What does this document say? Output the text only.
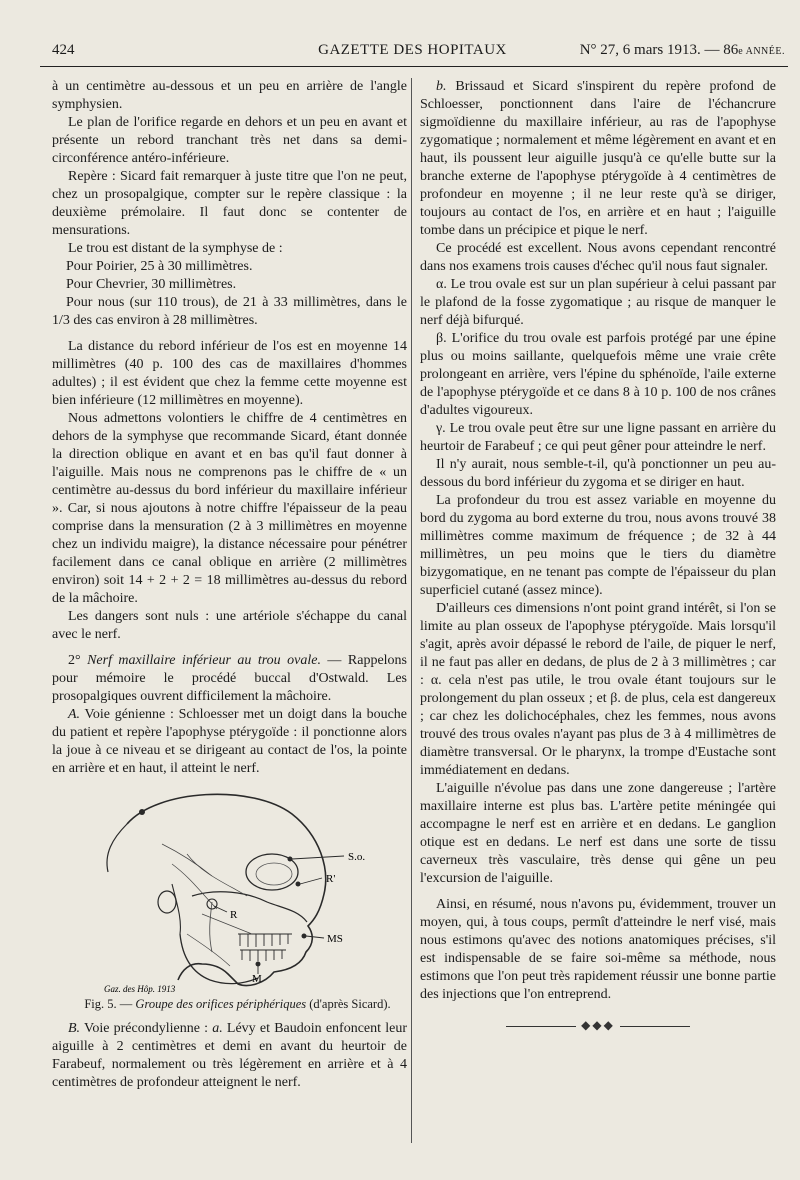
424	GAZETTE DES HOPITAUX	N° 27, 6 mars 1913. — 86e ANNÉE.

à un centimètre au-dessous et un peu en arrière de l'angle symphysien.

Le plan de l'orifice regarde en dehors et un peu en avant et présente un rebord tranchant très net dans sa demi-circonférence antéro-inférieure.

Repère : Sicard fait remarquer à juste titre que l'on ne peut, chez un prosopalgique, compter sur le repère classique : la deuxième prémolaire. Il faut donc se contenter de mensurations.

Le trou est distant de la symphyse de :

Pour Poirier, 25 à 30 millimètres.

Pour Chevrier, 30 millimètres.

Pour nous (sur 110 trous), de 21 à 33 millimètres, dans le 1/3 des cas environ à 28 millimètres.

La distance du rebord inférieur de l'os est en moyenne 14 millimètres (40 p. 100 des cas de maxillaires d'hommes adultes) ; il est évident que chez la femme cette moyenne est bien inférieure (12 millimètres en moyenne).

Nous admettons volontiers le chiffre de 4 centimètres en dehors de la symphyse que recommande Sicard, étant donnée la direction oblique en avant et en bas qu'il faut donner à l'aiguille. Mais nous ne comprenons pas le chiffre de « un centimètre au-dessus du bord inférieur du maxillaire inférieur ». Car, si nous ajoutons à notre chiffre l'épaisseur de la peau comprise dans la mensuration (2 à 3 millimètres en moyenne chez un individu maigre), la distance nécessaire pour pénétrer facilement dans ce canal oblique en arrière (2 millimètres environ) soit 14 + 2 + 2 = 18 millimètres au-dessus du rebord de la mâchoire.

Les dangers sont nuls : une artériole s'échappe du canal avec le nerf.

2° Nerf maxillaire inférieur au trou ovale. — Rappelons pour mémoire le procédé buccal d'Ostwald. Les prosopalgiques ouvrent difficilement la mâchoire.

A. Voie génienne : Schloesser met un doigt dans la bouche du patient et repère l'apophyse ptérygoïde : il ponctionne alors la joue à ce niveau et se dirigeant au contact de l'os, la pointe en arrière et en haut, il atteint le nerf.

S.o.
R'
R
MS
M
Gaz. des Hôp. 1913

Fig. 5. — Groupe des orifices périphériques (d'après Sicard).

B. Voie précondylienne : a. Lévy et Baudoin enfoncent leur aiguille à 2 centimètres et demi en avant du heurtoir de Farabeuf, normalement ou très légèrement en arrière et à 4 centimètres de profondeur atteignent le nerf.

b. Brissaud et Sicard s'inspirent du repère profond de Schloesser, ponctionnent dans l'aire de l'échancrure sigmoïdienne du maxillaire inférieur, au ras de l'apophyse zygomatique ; normalement et même légèrement en avant et en haut, ils poussent leur aiguille jusqu'à ce qu'elle butte sur la branche externe de l'apophyse ptérygoïde à 4 centimètres de profondeur en moyenne ; il ne leur reste qu'à se diriger, toujours au contact de l'os, en arrière et en haut ; l'aiguille tombe dans un précipice et pique le nerf.

Ce procédé est excellent. Nous avons cependant rencontré dans nos examens trois causes d'échec qu'il nous faut signaler.

α. Le trou ovale est sur un plan supérieur à celui passant par le plafond de la fosse zygomatique ; au risque de manquer le nerf déjà bifurqué.

β. L'orifice du trou ovale est parfois protégé par une épine plus ou moins saillante, quelquefois même une vraie crête prolongeant en arrière, vers l'épine du sphénoïde, l'aile externe de l'apophyse ptérygoïde et ce dans 8 à 10 p. 100 de nos crânes d'adultes vigoureux.

γ. Le trou ovale peut être sur une ligne passant en arrière du heurtoir de Farabeuf ; ce qui peut gêner pour atteindre le nerf.

Il n'y aurait, nous semble-t-il, qu'à ponctionner un peu au-dessous du bord inférieur du zygoma et se diriger en haut.

La profondeur du trou est assez variable en moyenne du bord du zygoma au bord externe du trou, nous avons trouvé 38 millimètres comme maximum de fréquence ; de 32 à 44 millimètres, un peu moins que le tiers du diamètre bizygomatique, en ne tenant pas compte de l'épaisseur du plan superficiel cutané (assez mince).

D'ailleurs ces dimensions n'ont point grand intérêt, si l'on se limite au plan osseux de l'apophyse ptérygoïde. Mais lorsqu'il s'agit, après avoir dépassé le rebord de l'aile, de piquer le nerf, il ne faut pas aller en dedans, de plus de 2 à 3 millimètres ; car : α. cela n'est pas utile, le trou ovale étant toujours sur le prolongement du plan osseux ; et β. de plus, cela est dangereux ; car chez les dolichocéphales, chez les femmes, nous avons trouvé des trous ovales n'ayant pas plus de 3 à 4 millimètres de diamètre transversal. Or le pharynx, la trompe d'Eustache sont immédiatement en dedans.

L'aiguille n'évolue pas dans une zone dangereuse ; l'artère maxillaire interne est plus bas. L'artère petite méningée qui accompagne le nerf est en arrière et en dedans. Le ganglion otique est en dedans. Le nerf est dans une sorte de tissu caverneux très vasculaire, très dense qui gêne un peu l'excursion de l'aiguille.

Ainsi, en résumé, nous n'avons pu, évidemment, trouver un moyen, qui, à tous coups, permît d'atteindre le nerf visé, mais nous estimons qu'avec des notions anatomiques précises, s'il est indispensable de se faire soi-même sa méthode, nous estimons que l'on peut très rapidement réussir une bonne partie des injections que l'on entreprend.

◆◆◆
